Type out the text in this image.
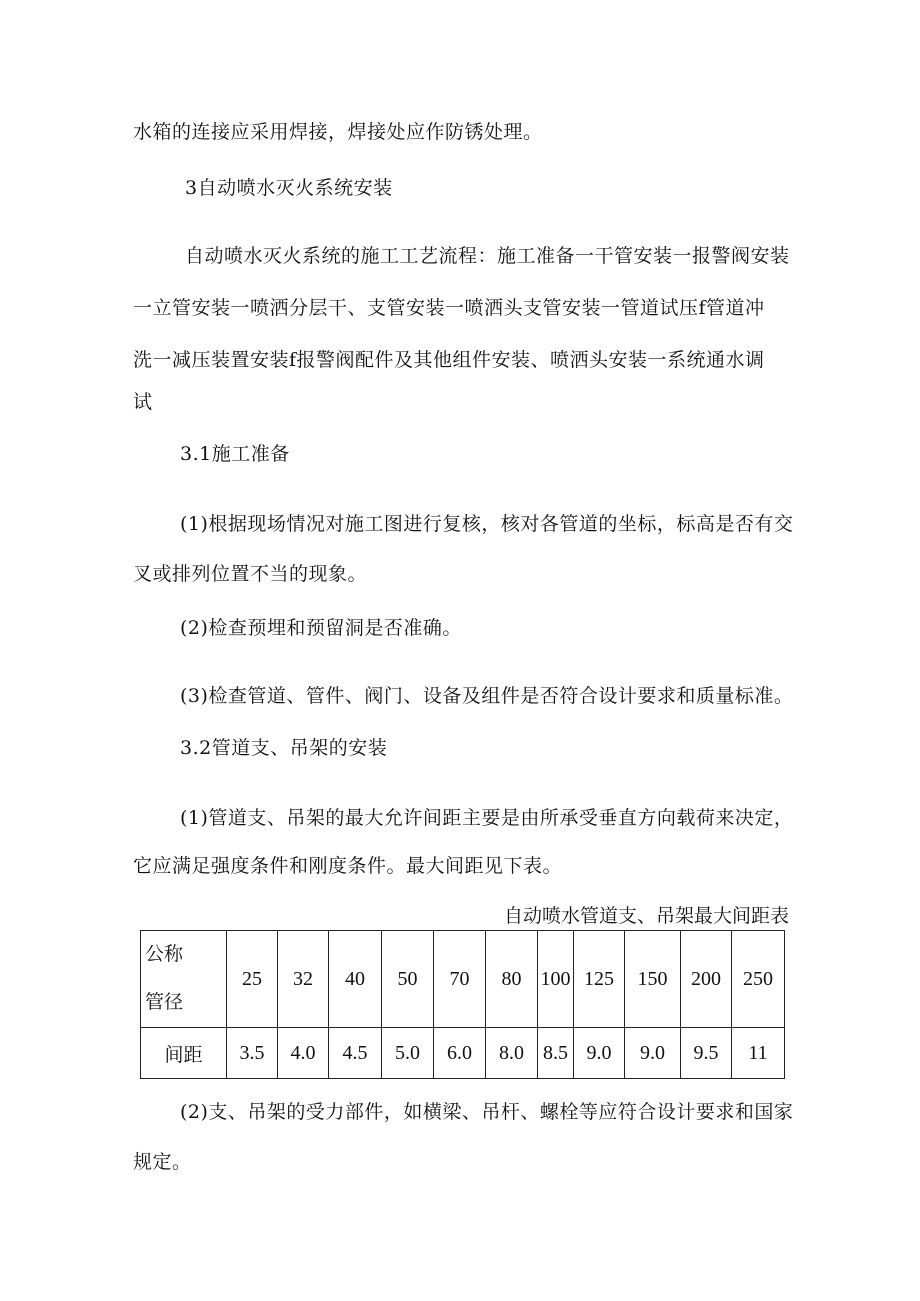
水箱的连接应采用焊接，焊接处应作防锈处理。
3自动喷水灭火系统安装
自动喷水灭火系统的施工工艺流程：施工准备一干管安装一报警阀安装
一立管安装一喷洒分层干、支管安装一喷洒头支管安装一管道试压f管道冲
洗一减压装置安装f报警阀配件及其他组件安装、喷洒头安装一系统通水调
试
3.1施工准备
(1)根据现场情况对施工图进行复核，核对各管道的坐标，标高是否有交
叉或排列位置不当的现象。
(2)检查预埋和预留洞是否准确。
(3)检查管道、管件、阀门、设备及组件是否符合设计要求和质量标准。
3.2管道支、吊架的安装
(1)管道支、吊架的最大允许间距主要是由所承受垂直方向载荷来决定，
它应满足强度条件和刚度条件。最大间距见下表。
自动喷水管道支、吊架最大间距表
公称
管径	25	32	40	50	70	80	100	125	150	200	250
间距	3.5	4.0	4.5	5.0	6.0	8.0	8.5	9.0	9.0	9.5	11
(2)支、吊架的受力部件，如横梁、吊杆、螺栓等应符合设计要求和国家
规定。
